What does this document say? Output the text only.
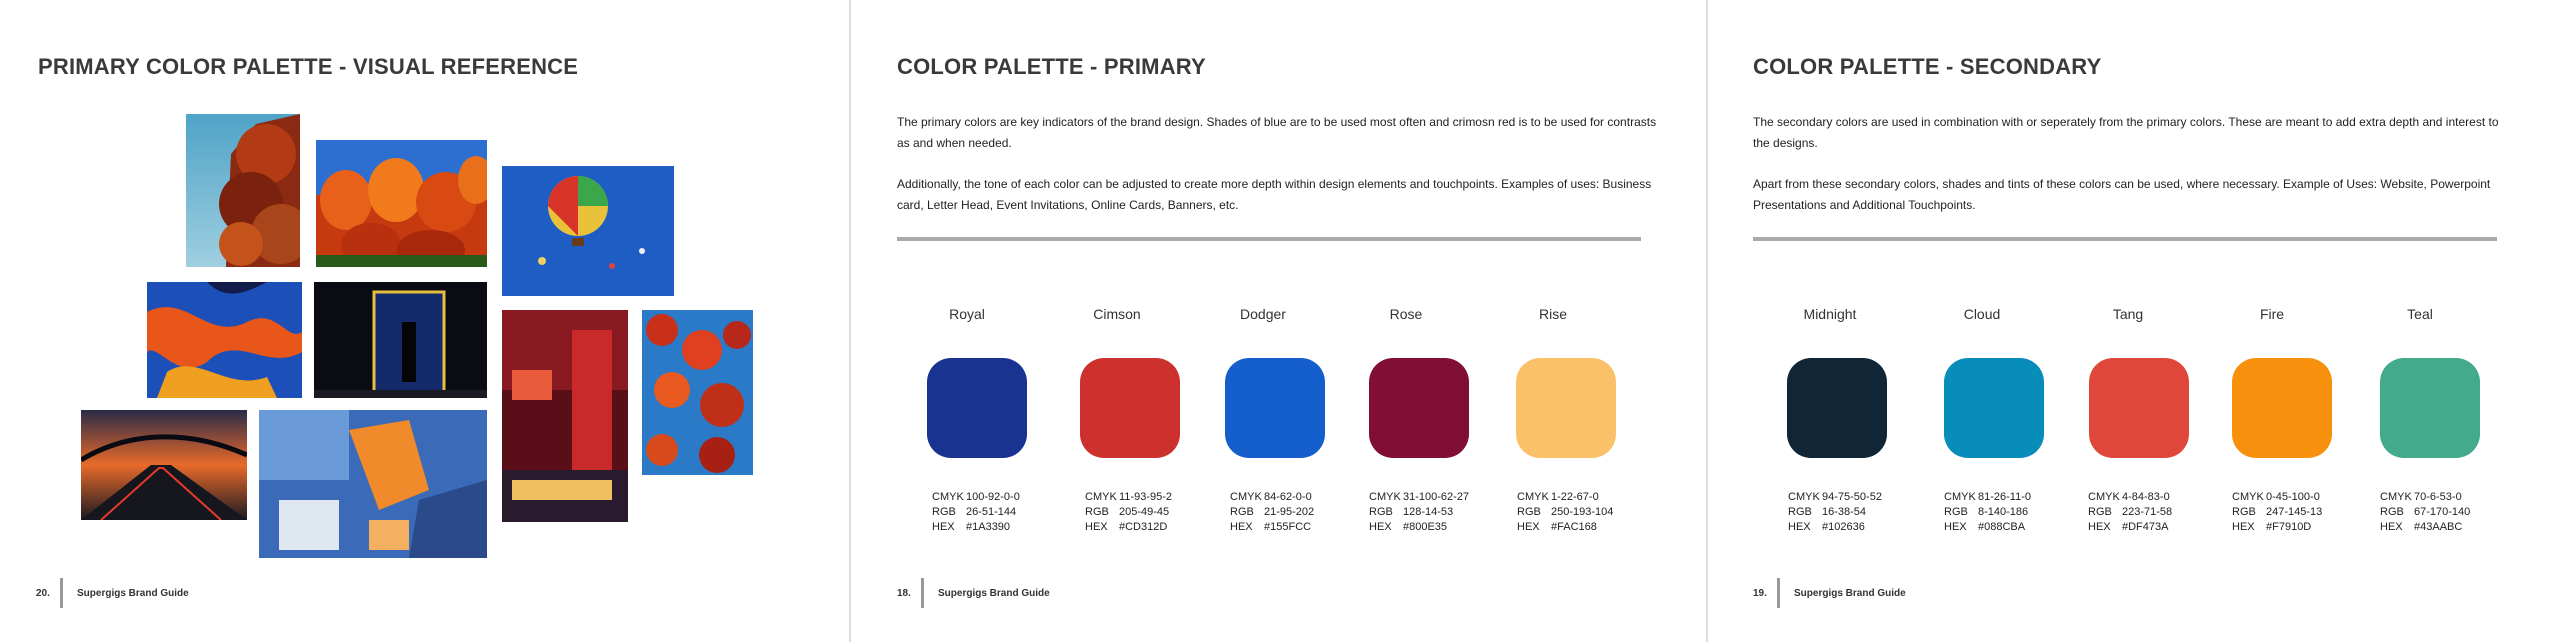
PRIMARY COLOR PALETTE - VISUAL REFERENCE
20.	Supergigs Brand Guide
COLOR PALETTE - PRIMARY
The primary colors are key indicators of the brand design. Shades of blue are to be used most often and crimosn red is to be used for contrasts as and when needed.
Additionally, the tone of each color can be adjusted to create more depth within design elements and touchpoints. Examples of uses: Business card, Letter Head, Event Invitations, Online Cards, Banners, etc.
Royal
CMYK 100-92-0-0
RGB 26-51-144
HEX #1A3390
Cimson
CMYK 11-93-95-2
RGB 205-49-45
HEX #CD312D
Dodger
CMYK 84-62-0-0
RGB 21-95-202
HEX #155FCC
Rose
CMYK 31-100-62-27
RGB 128-14-53
HEX #800E35
Rise
CMYK 1-22-67-0
RGB 250-193-104
HEX #FAC168
18.	Supergigs Brand Guide
COLOR PALETTE - SECONDARY
The secondary colors are used in combination with or seperately from the primary colors. These are meant to add extra depth and interest to the designs.
Apart from these secondary colors, shades and tints of these colors can be used, where necessary. Example of Uses: Website, Powerpoint Presentations and Additional Touchpoints.
Midnight
CMYK 94-75-50-52
RGB 16-38-54
HEX #102636
Cloud
CMYK 81-26-11-0
RGB 8-140-186
HEX #088CBA
Tang
CMYK 4-84-83-0
RGB 223-71-58
HEX #DF473A
Fire
CMYK 0-45-100-0
RGB 247-145-13
HEX #F7910D
Teal
CMYK 70-6-53-0
RGB 67-170-140
HEX #43AABC
19.	Supergigs Brand Guide
